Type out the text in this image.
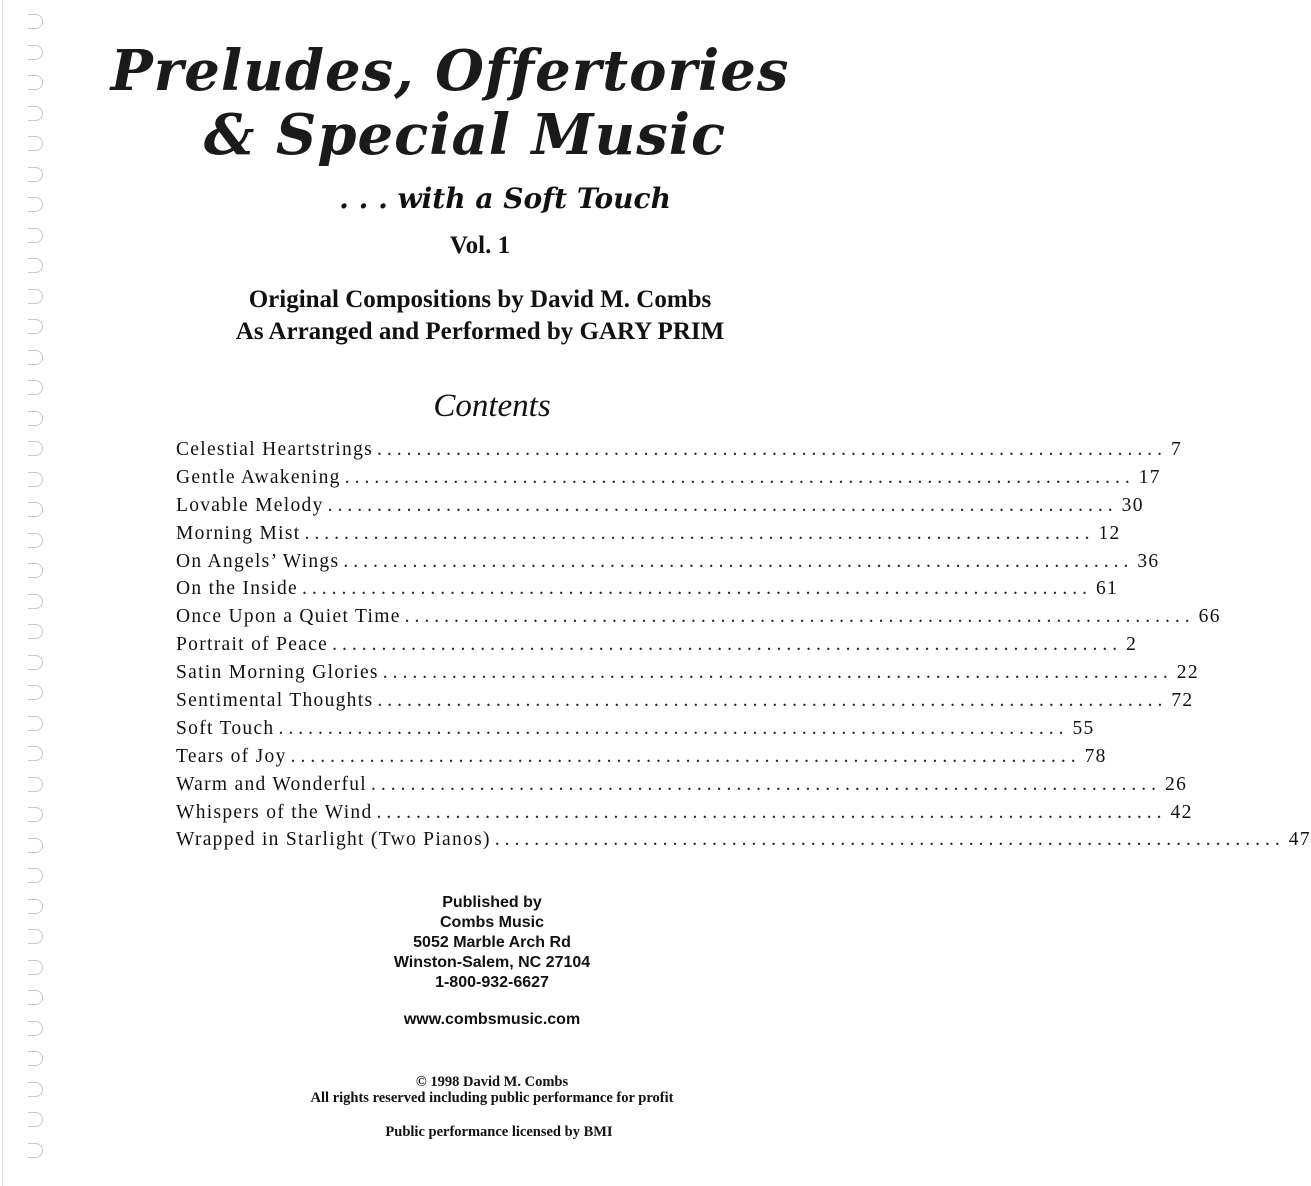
Preludes, Offertories
& Special Music
. . . with a Soft Touch
Vol. 1
Original Compositions by David M. Combs
As Arranged and Performed by GARY PRIM
Contents
Celestial Heartstrings ................................................................................ 7
Gentle Awakening ................................................................................ 17
Lovable Melody ................................................................................ 30
Morning Mist ................................................................................ 12
On Angels’ Wings ................................................................................ 36
On the Inside ................................................................................ 61
Once Upon a Quiet Time ................................................................................ 66
Portrait of Peace ................................................................................ 2
Satin Morning Glories ................................................................................ 22
Sentimental Thoughts ................................................................................ 72
Soft Touch ................................................................................ 55
Tears of Joy ................................................................................ 78
Warm and Wonderful ................................................................................ 26
Whispers of the Wind ................................................................................ 42
Wrapped in Starlight (Two Pianos) ................................................................................ 47
Published by
Combs Music
5052 Marble Arch Rd
Winston-Salem, NC 27104
1-800-932-6627
www.combsmusic.com
© 1998 David M. Combs
All rights reserved including public performance for profit
Public performance licensed by BMI
